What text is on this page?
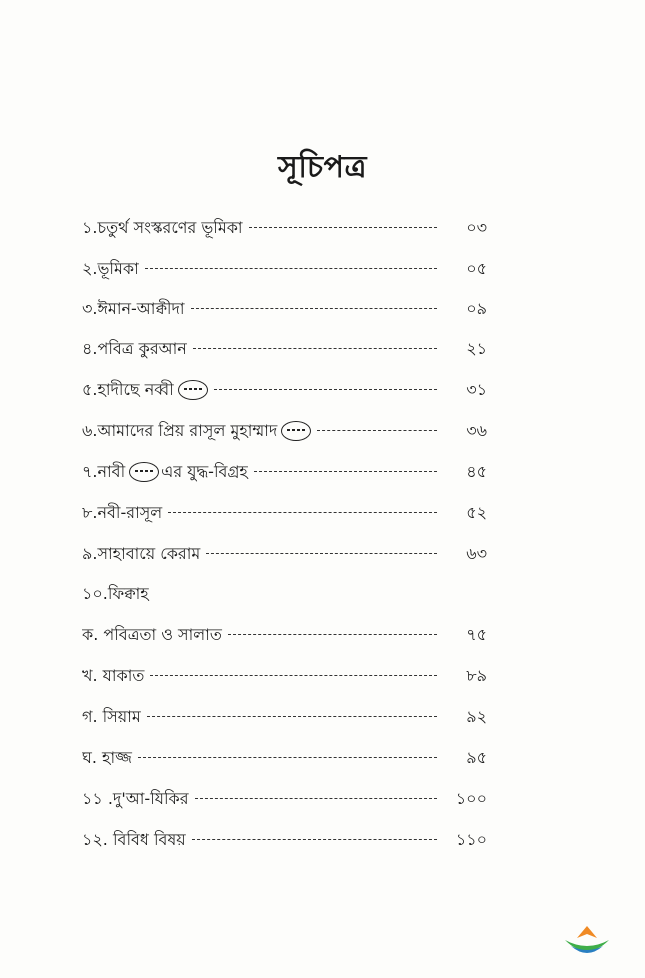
সূচিপত্র
১.চতুর্থ সংস্করণের ভূমিকা	০৩
২.ভূমিকা	০৫
৩.ঈমান-আক্বীদা	০৯
৪.পবিত্র কুরআন	২১
৫.হাদীছে নব্বী	৩১
৬.আমাদের প্রিয় রাসূল মুহাম্মাদ	৩৬
৭.নাবী এর যুদ্ধ-বিগ্রহ	৪৫
৮.নবী-রাসূল	৫২
৯.সাহাবায়ে কেরাম	৬৩
১০.ফিক্বাহ
ক. পবিত্রতা ও সালাত	৭৫
খ. যাকাত	৮৯
গ. সিয়াম	৯২
ঘ. হাজ্জ	৯৫
১১ .দু'আ-যিকির	১০০
১২. বিবিধ বিষয়	১১০
